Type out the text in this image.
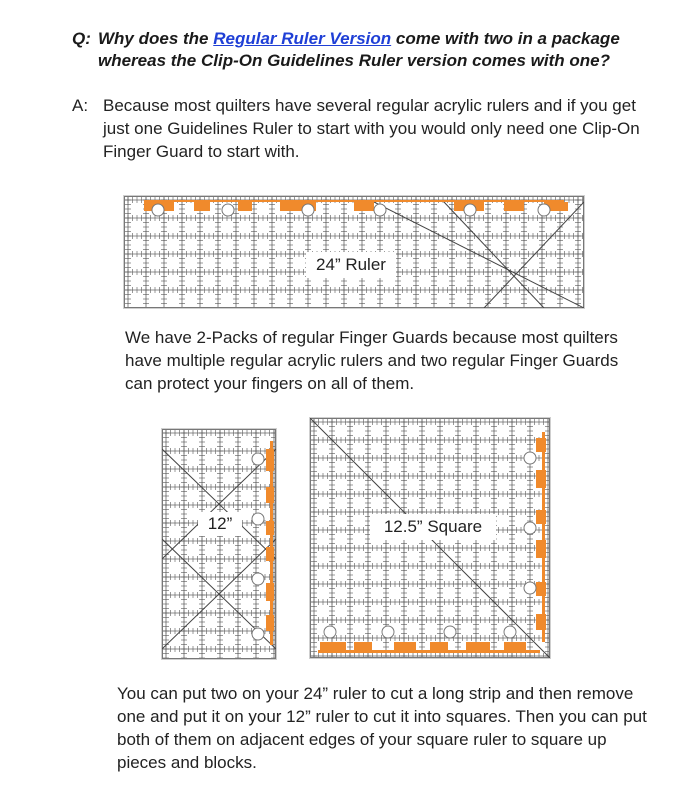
Q: Why does the Regular Ruler Version come with two in a package
whereas the Clip-On Guidelines Ruler version comes with one?
A: Because most quilters have several regular acrylic rulers and if you get just one Guidelines Ruler to start with you would only need one Clip-On Finger Guard to start with.
We have 2-Packs of regular Finger Guards because most quilters have multiple regular acrylic rulers and two regular Finger Guards can protect your fingers on all of them.
24” Ruler
12”	12.5” Square
You can put two on your 24” ruler to cut a long strip and then remove one and put it on your 12” ruler to cut it into squares. Then you can put both of them on adjacent edges of your square ruler to square up pieces and blocks.
